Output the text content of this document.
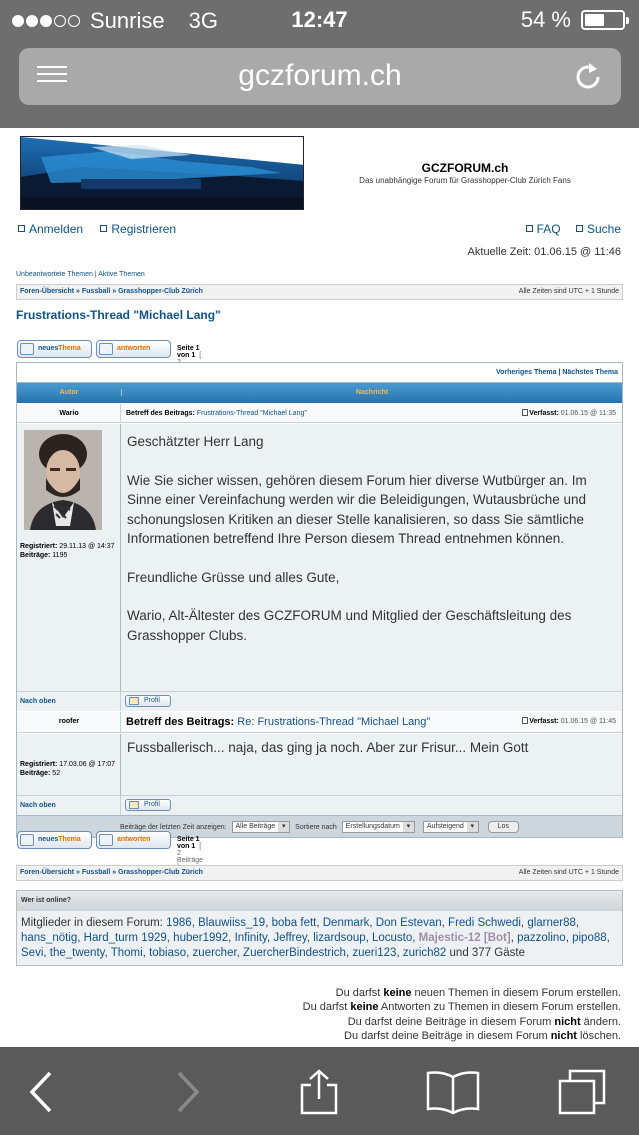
Sunrise 3G	12:47	54 %
gczforum.ch
GCZFORUM.ch
Das unabhängige Forum für Grasshopper-Club Zürich Fans
Anmelden Registrieren	FAQ Suche
Aktuelle Zeit: 01.06.15 @ 11:46
Unbeantwortete Themen | Aktive Themen
Foren-Übersicht » Fussball » Grasshopper-Club Zürich	Alle Zeiten sind UTC + 1 Stunde
Frustrations-Thread "Michael Lang"
neuesThema	antworten	Seite 1 von 1 [
Vorheriges Thema | Nächstes Thema
Autor	Nachricht
Wario	Betreff des Beitrags: Frustrations-Thread "Michael Lang"	Verfasst: 01.06.15 @ 11:35
Registriert: 29.11.13 @ 14:37
Beiträge: 1195

Geschätzter Herr Lang

Wie Sie sicher wissen, gehören diesem Forum hier diverse Wutbürger an. Im Sinne einer Vereinfachung werden wir die Beleidigungen, Wutausbrüche und schonungslosen Kritiken an dieser Stelle kanalisieren, so dass Sie sämtliche Informationen betreffend Ihre Person diesem Thread entnehmen können.

Freundliche Grüsse und alles Gute,

Wario, Alt-Ältester des GCZFORUM und Mitglied der Geschäftsleitung des Grasshopper Clubs.

Nach oben	Profil
roofer	Betreff des Beitrags: Re: Frustrations-Thread "Michael Lang"	Verfasst: 01.06.15 @ 11:45
Registriert: 17.03.06 @ 17:07
Beiträge: 52

Fussballerisch... naja, das ging ja noch. Aber zur Frisur... Mein Gott

Nach oben	Profil
Beiträge der letzten Zeit anzeigen: Alle Beiträge ▾	Sortiere nach Erstellungsdatum ▾	Aufsteigend ▾	Los
neuesThema	antworten	Seite 1 von 1 [ 2 Beiträge
Foren-Übersicht » Fussball » Grasshopper-Club Zürich	Alle Zeiten sind UTC + 1 Stunde
Wer ist online?
Mitglieder in diesem Forum: 1986, Blauwiiss_19, boba fett, Denmark, Don Estevan, Fredi Schwedi, glarner88, hans_nötig, Hard_turm 1929, huber1992, Infinity, Jeffrey, lizardsoup, Locusto, Majestic-12 [Bot], pazzolino, pipo88, Sevi, the_twenty, Thomi, tobiaso, zuercher, ZuercherBindestrich, zueri123, zurich82 und 377 Gäste
Du darfst keine neuen Themen in diesem Forum erstellen.
Du darfst keine Antworten zu Themen in diesem Forum erstellen.
Du darfst deine Beiträge in diesem Forum nicht ändern.
Du darfst deine Beiträge in diesem Forum nicht löschen.
